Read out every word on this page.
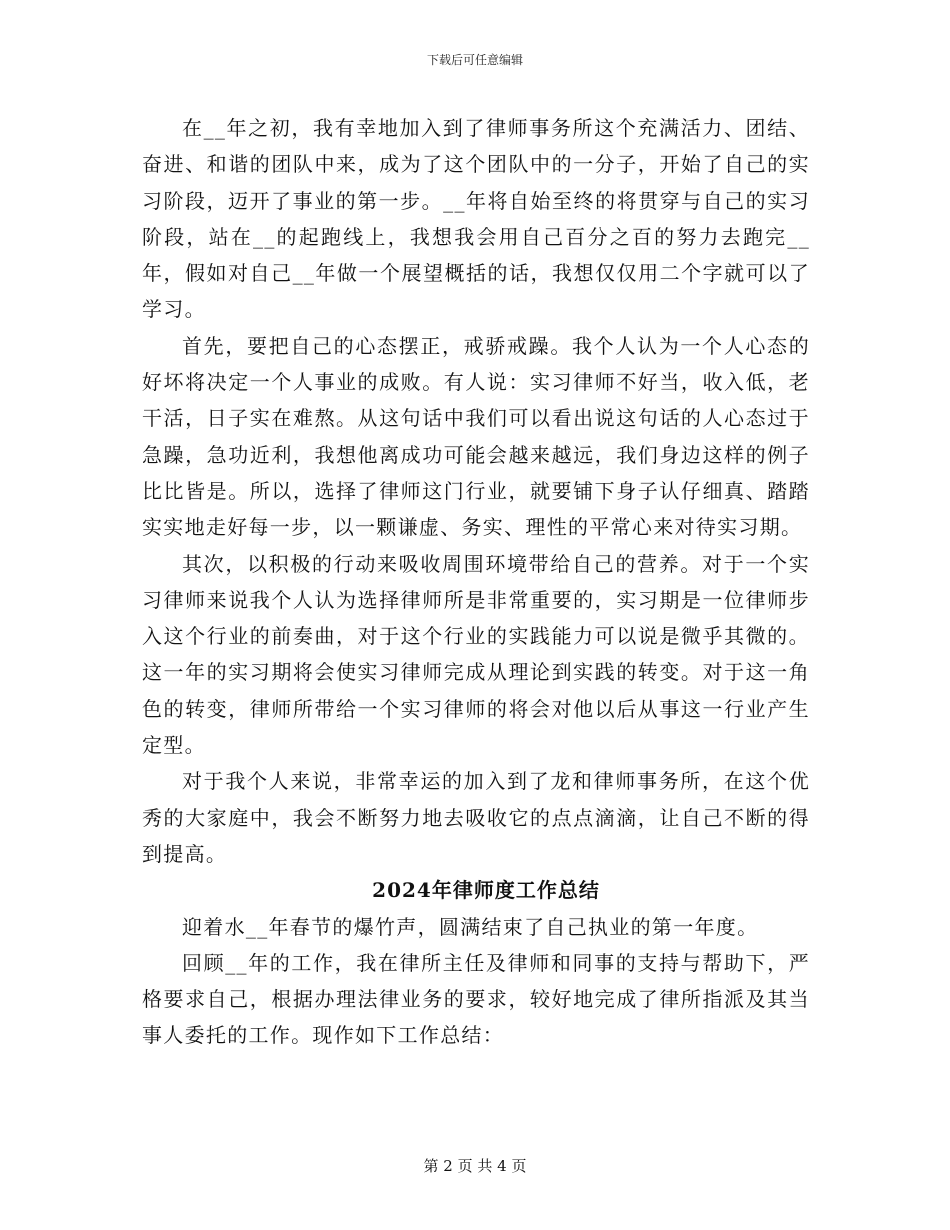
下载后可任意编辑

在__年之初，我有幸地加入到了律师事务所这个充满活力、团结、奋进、和谐的团队中来，成为了这个团队中的一分子，开始了自己的实习阶段，迈开了事业的第一步。__年将自始至终的将贯穿与自己的实习阶段，站在__的起跑线上，我想我会用自己百分之百的努力去跑完__年，假如对自己__年做一个展望概括的话，我想仅仅用二个字就可以了学习。

首先，要把自己的心态摆正，戒骄戒躁。我个人认为一个人心态的好坏将决定一个人事业的成败。有人说：实习律师不好当，收入低，老干活，日子实在难熬。从这句话中我们可以看出说这句话的人心态过于急躁，急功近利，我想他离成功可能会越来越远，我们身边这样的例子比比皆是。所以，选择了律师这门行业，就要铺下身子认仔细真、踏踏实实地走好每一步，以一颗谦虚、务实、理性的平常心来对待实习期。

其次，以积极的行动来吸收周围环境带给自己的营养。对于一个实习律师来说我个人认为选择律师所是非常重要的，实习期是一位律师步入这个行业的前奏曲，对于这个行业的实践能力可以说是微乎其微的。这一年的实习期将会使实习律师完成从理论到实践的转变。对于这一角色的转变，律师所带给一个实习律师的将会对他以后从事这一行业产生定型。

对于我个人来说，非常幸运的加入到了龙和律师事务所，在这个优秀的大家庭中，我会不断努力地去吸收它的点点滴滴，让自己不断的得到提高。

2024年律师度工作总结

迎着水__年春节的爆竹声，圆满结束了自己执业的第一年度。

回顾__年的工作，我在律所主任及律师和同事的支持与帮助下，严格要求自己，根据办理法律业务的要求，较好地完成了律所指派及其当事人委托的工作。现作如下工作总结：

第 2 页 共 4 页
